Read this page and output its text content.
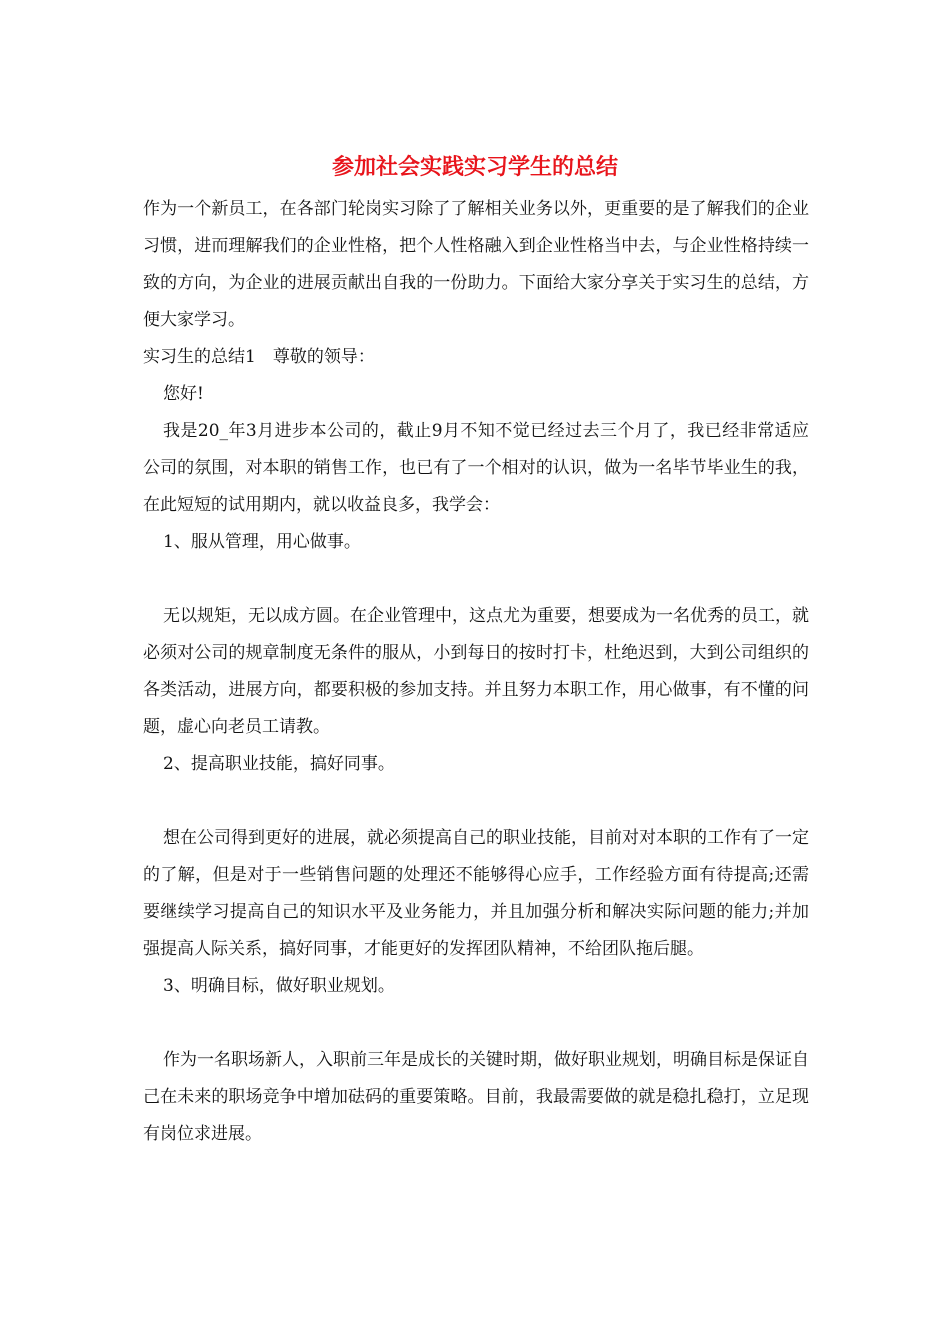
参加社会实践实习学生的总结

作为一个新员工，在各部门轮岗实习除了了解相关业务以外，更重要的是了解我们的企业习惯，进而理解我们的企业性格，把个人性格融入到企业性格当中去，与企业性格持续一致的方向，为企业的进展贡献出自我的一份助力。下面给大家分享关于实习生的总结，方便大家学习。

实习生的总结1　尊敬的领导：

您好!

我是20_年3月进步本公司的，截止9月不知不觉已经过去三个月了，我已经非常适应公司的氛围，对本职的销售工作，也已有了一个相对的认识，做为一名毕节毕业生的我，在此短短的试用期内，就以收益良多，我学会：

1、服从管理，用心做事。

无以规矩，无以成方圆。在企业管理中，这点尤为重要，想要成为一名优秀的员工，就必须对公司的规章制度无条件的服从，小到每日的按时打卡，杜绝迟到，大到公司组织的各类活动，进展方向，都要积极的参加支持。并且努力本职工作，用心做事，有不懂的问题，虚心向老员工请教。

2、提高职业技能，搞好同事。

想在公司得到更好的进展，就必须提高自己的职业技能，目前对对本职的工作有了一定的了解，但是对于一些销售问题的处理还不能够得心应手，工作经验方面有待提高;还需要继续学习提高自己的知识水平及业务能力，并且加强分析和解决实际问题的能力;并加强提高人际关系，搞好同事，才能更好的发挥团队精神，不给团队拖后腿。

3、明确目标，做好职业规划。

作为一名职场新人，入职前三年是成长的关键时期，做好职业规划，明确目标是保证自己在未来的职场竞争中增加砝码的重要策略。目前，我最需要做的就是稳扎稳打，立足现有岗位求进展。
